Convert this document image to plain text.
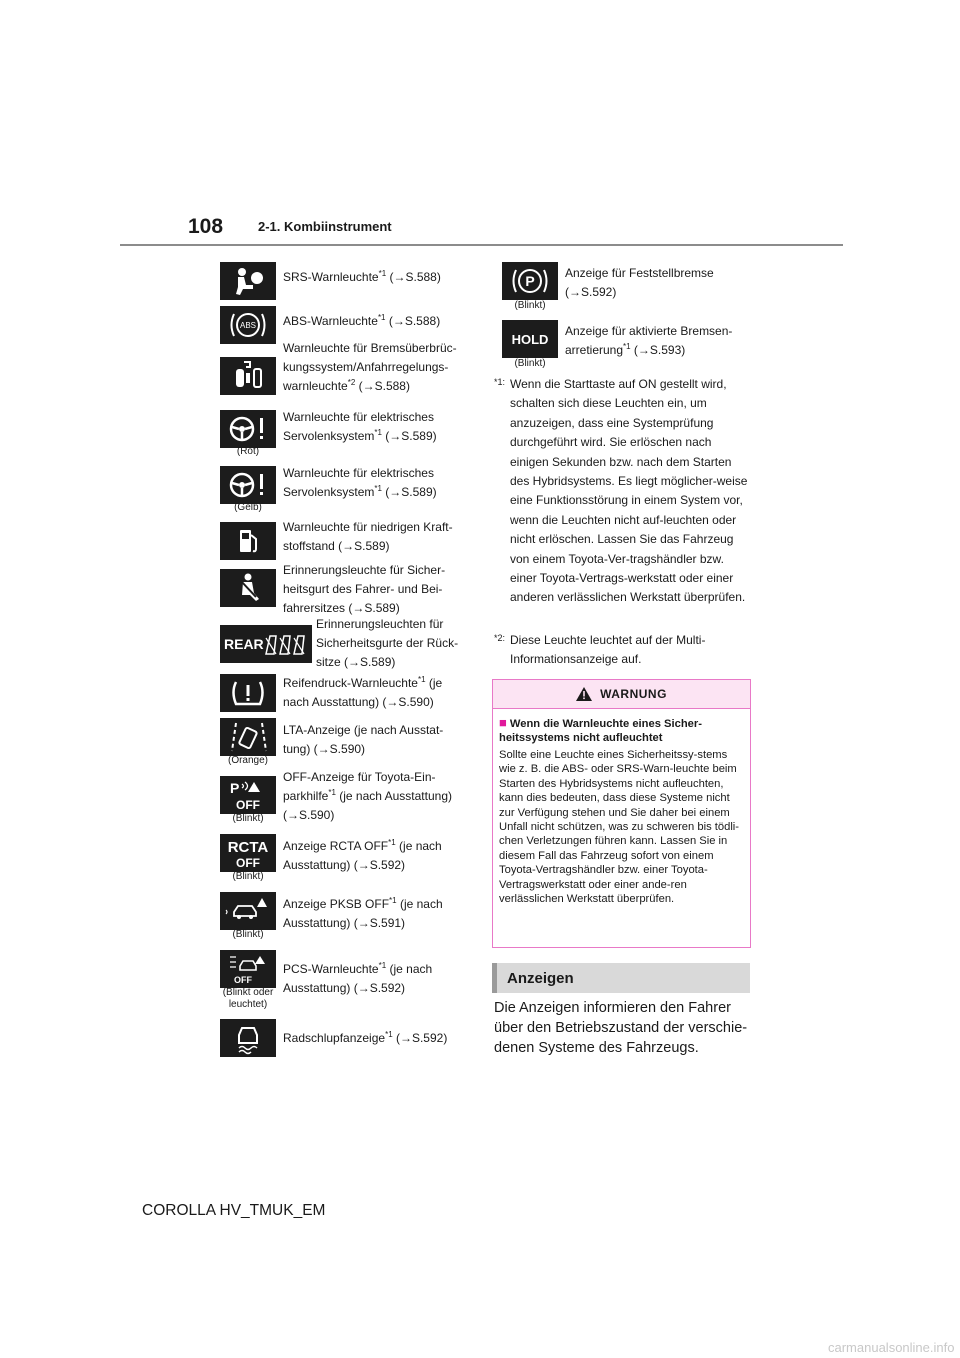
108	2-1. Kombiinstrument
SRS-Warnleuchte$^{*1}$ (→S.588)
ABS ABS-Warnleuchte$^{*1}$ (→S.588)
Warnleuchte für Bremsüberbrüc-
kungssystem/Anfahrregelungs-
warnleuchte$^{*2}$ (→S.588)
(Rot)
Warnleuchte für elektrisches
Servolenksystem$^{*1}$ (→S.589)
(Gelb)
Warnleuchte für elektrisches
Servolenksystem$^{*1}$ (→S.589)
Warnleuchte für niedrigen Kraft-
stoffstand (→S.589)
Erinnerungsleuchte für Sicher-
heitsgurt des Fahrer- und Bei-
fahrersitzes (→S.589)
REAR
Erinnerungsleuchten für
Sicherheitsgurte der Rück-
sitze (→S.589)
Reifendruck-Warnleuchte$^{*1}$ (je
nach Ausstattung) (→S.590)
(Orange)
LTA-Anzeige (je nach Ausstat-
tung) (→S.590)
P
OFF
(Blinkt)
OFF-Anzeige für Toyota-Ein-
parkhilfe$^{*1}$ (je nach Ausstattung)
(→S.590)
RCTA
OFF
(Blinkt)
Anzeige RCTA OFF$^{*1}$ (je nach
Ausstattung) (→S.592)
(Blinkt)
Anzeige PKSB OFF$^{*1}$ (je nach
Ausstattung) (→S.591)
OFF
(Blinkt oder leuchtet)
PCS-Warnleuchte$^{*1}$ (je nach
Ausstattung) (→S.592)
Radschlupfanzeige$^{*1}$ (→S.592)
P
(Blinkt)
Anzeige für Feststellbremse
(→S.592)
HOLD
(Blinkt)
Anzeige für aktivierte Bremsen-
arretierung$^{*1}$ (→S.593)
*1: Wenn die Starttaste auf ON gestellt wird, schalten sich diese Leuchten ein, um anzuzeigen, dass eine Systemprüfung durchgeführt wird. Sie erlöschen nach einigen Sekunden bzw. nach dem Starten des Hybridsystems. Es liegt möglicher-weise eine Funktionsstörung in einem System vor, wenn die Leuchten nicht auf-leuchten oder nicht erlöschen. Lassen Sie das Fahrzeug von einem Toyota-Ver-tragshändler bzw. einer Toyota-Vertrags-werkstatt oder einer anderen verlässlichen Werkstatt überprüfen.
*2: Diese Leuchte leuchtet auf der Multi-Informationsanzeige auf.
WARNUNG
■ Wenn die Warnleuchte eines Sicher-heitssystems nicht aufleuchtet
Sollte eine Leuchte eines Sicherheitssy-stems wie z. B. die ABS- oder SRS-Warn-leuchte beim Starten des Hybridsystems nicht aufleuchten, kann dies bedeuten, dass diese Systeme nicht zur Verfügung stehen und Sie daher bei einem Unfall nicht schützen, was zu schweren bis tödli-chen Verletzungen führen kann. Lassen Sie in diesem Fall das Fahrzeug sofort von einem Toyota-Vertragshändler bzw. einer Toyota-Vertragswerkstatt oder einer ande-ren verlässlichen Werkstatt überprüfen.
Anzeigen
Die Anzeigen informieren den Fahrer über den Betriebszustand der verschie-denen Systeme des Fahrzeugs.
COROLLA HV_TMUK_EM
carmanualsonline.info
